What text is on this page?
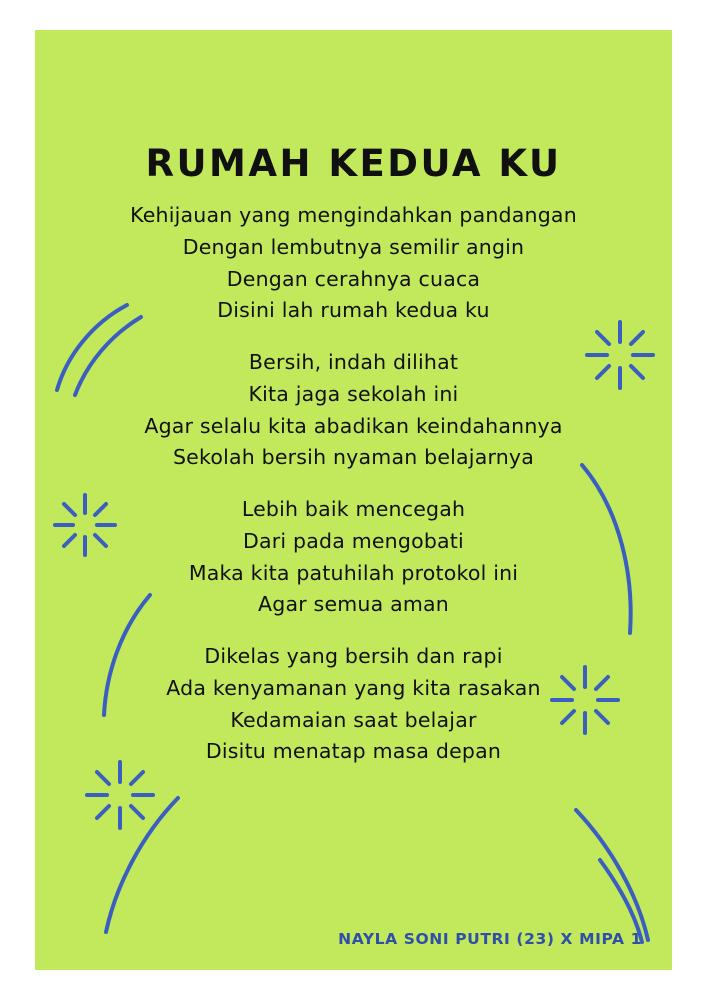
RUMAH KEDUA KU
Kehijauan yang mengindahkan pandangan
Dengan lembutnya semilir angin
Dengan cerahnya cuaca
Disini lah rumah kedua ku
Bersih, indah dilihat
Kita jaga sekolah ini
Agar selalu kita abadikan keindahannya
Sekolah bersih nyaman belajarnya
Lebih baik mencegah
Dari pada mengobati
Maka kita patuhilah protokol ini
Agar semua aman
Dikelas yang bersih dan rapi
Ada kenyamanan yang kita rasakan
Kedamaian saat belajar
Disitu menatap masa depan
NAYLA SONI PUTRI (23) X MIPA 1
